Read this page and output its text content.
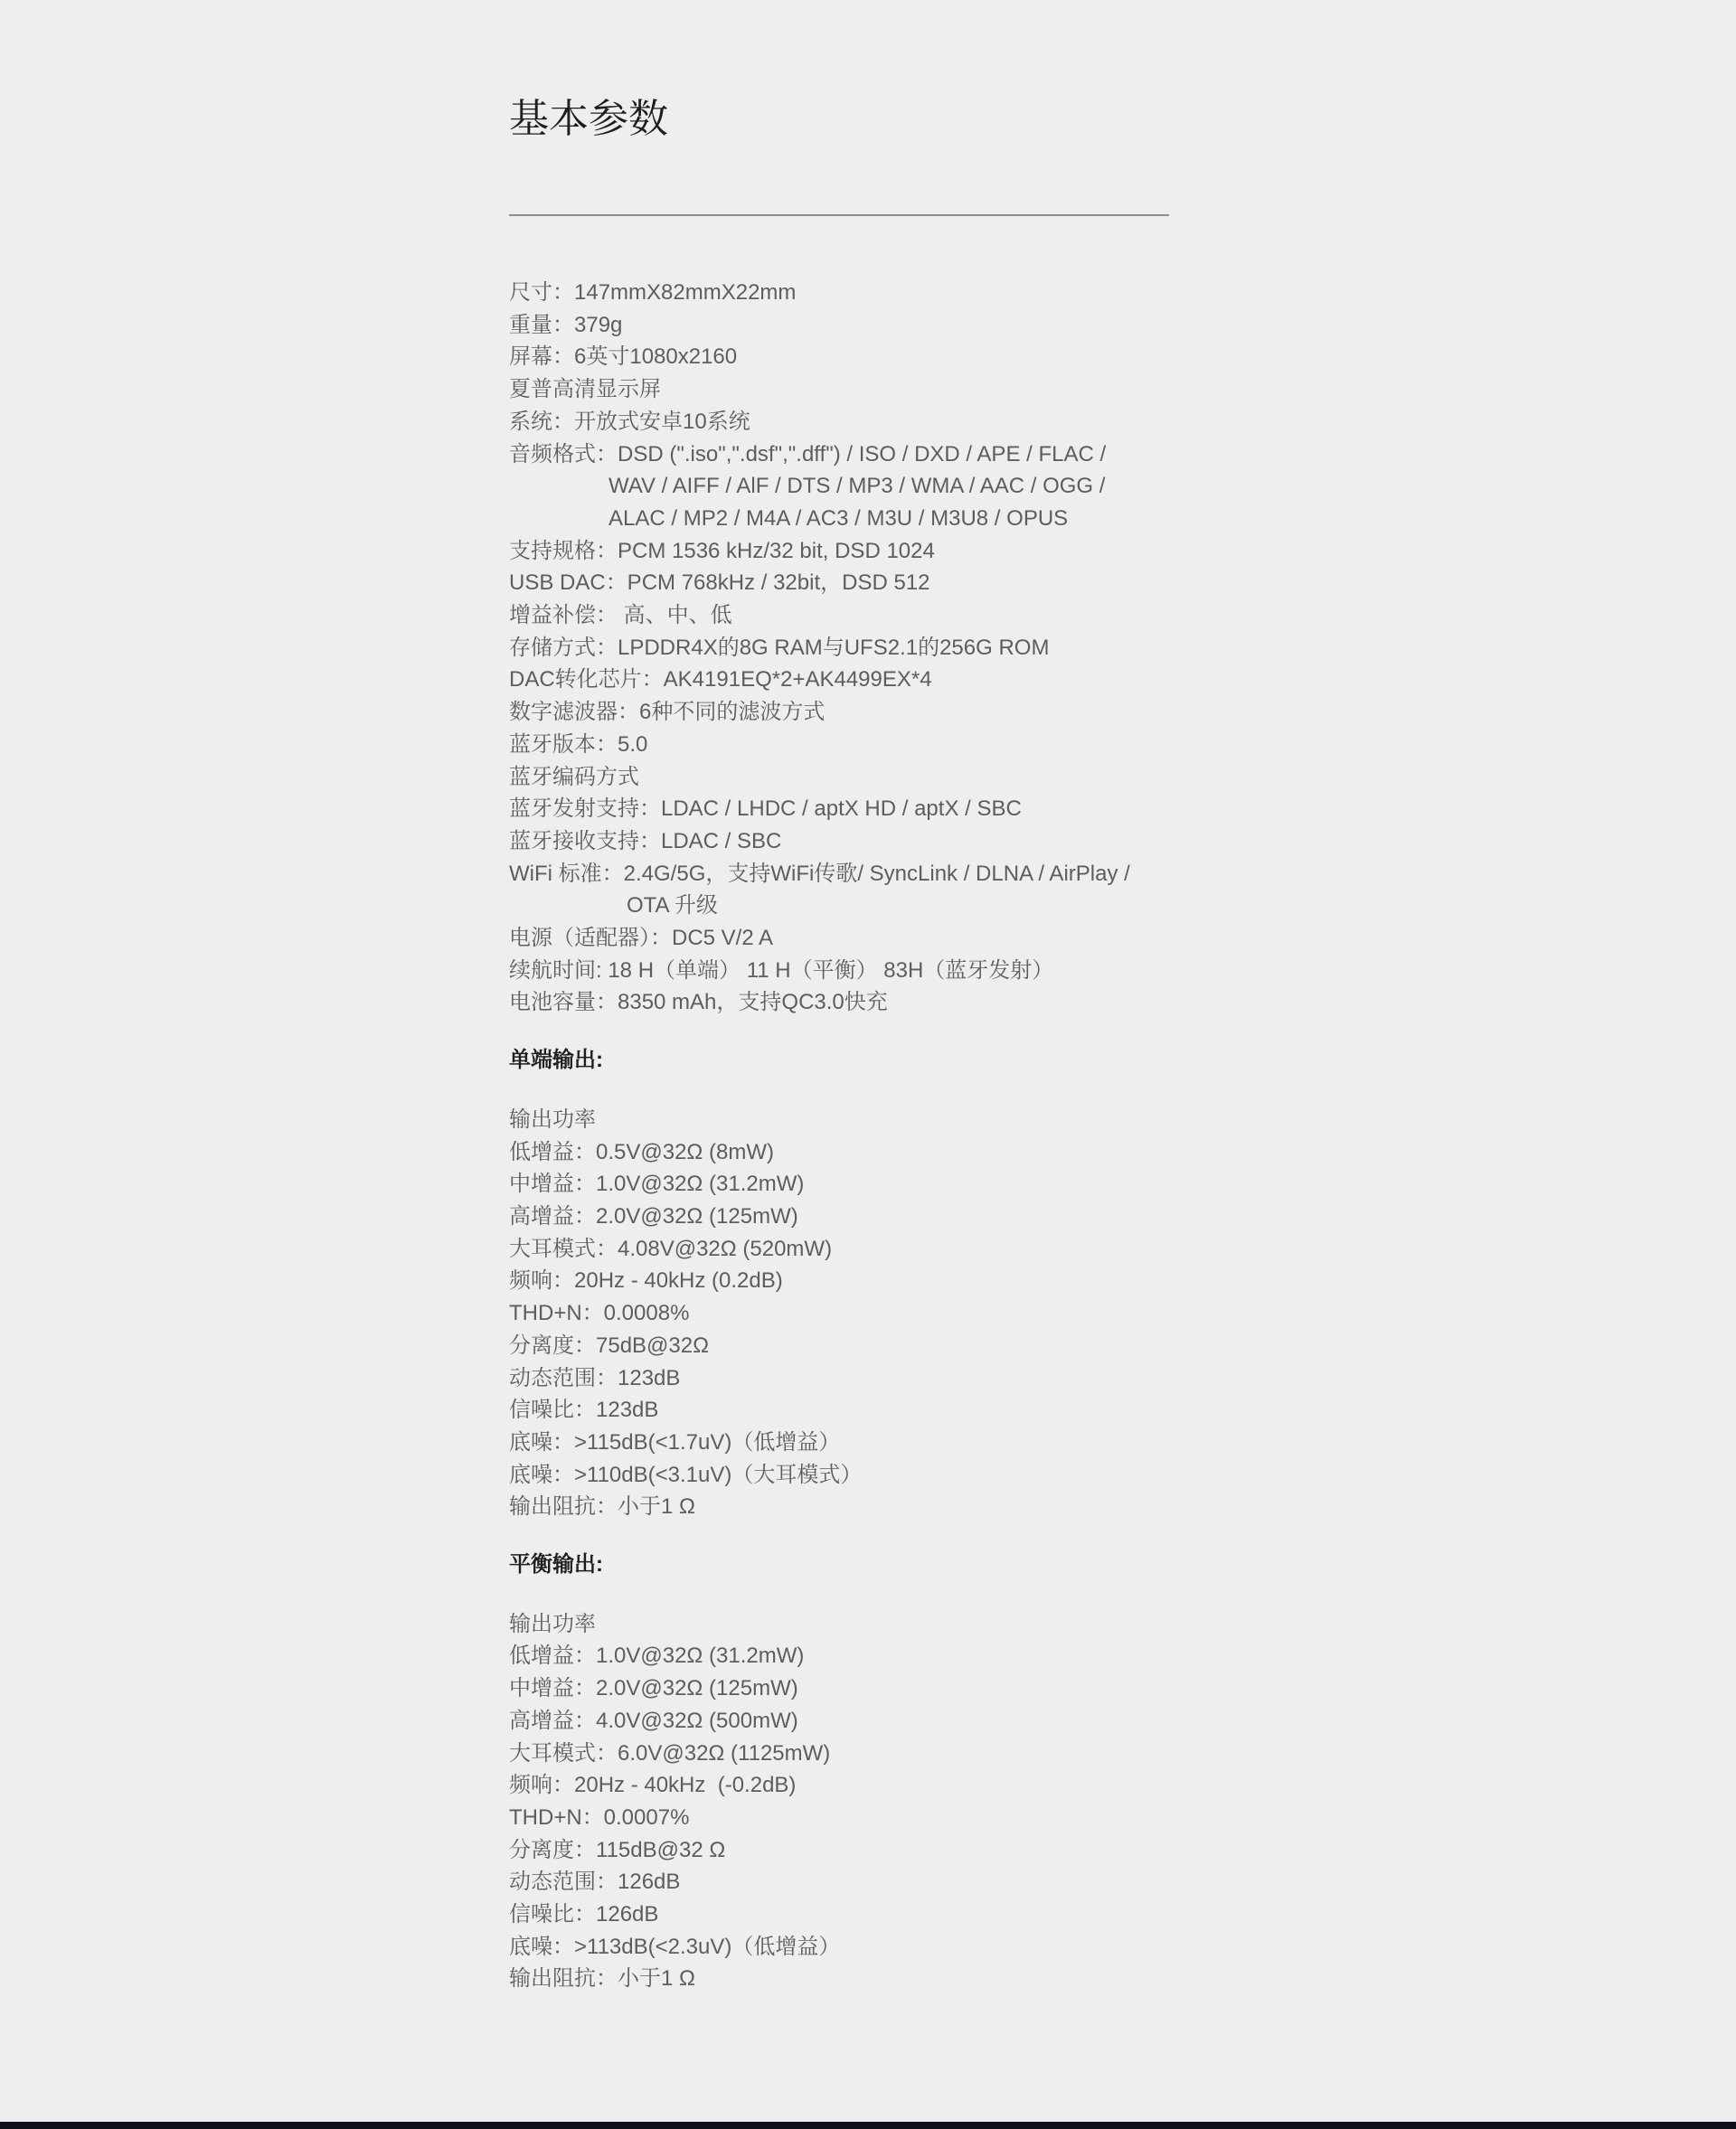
基本参数
尺寸：147mmX82mmX22mm
重量：379g
屏幕：6英寸1080x2160
夏普高清显示屏
系统：开放式安卓10系统
音频格式：DSD (".iso",".dsf",".dff") / ISO / DXD / APE / FLAC /
WAV / AIFF / AlF / DTS / MP3 / WMA / AAC / OGG /
ALAC / MP2 / M4A / AC3 / M3U / M3U8 / OPUS
支持规格：PCM 1536 kHz/32 bit, DSD 1024
USB DAC：PCM 768kHz / 32bit，DSD 512
增益补偿： 高、中、低
存储方式：LPDDR4X的8G RAM与UFS2.1的256G ROM
DAC转化芯片：AK4191EQ*2+AK4499EX*4
数字滤波器：6种不同的滤波方式
蓝牙版本：5.0
蓝牙编码方式
蓝牙发射支持：LDAC / LHDC / aptX HD / aptX / SBC
蓝牙接收支持：LDAC / SBC
WiFi 标准：2.4G/5G，支持WiFi传歌/ SyncLink / DLNA / AirPlay /
OTA 升级
电源（适配器）：DC5 V/2 A
续航时间: 18 H（单端） 11 H（平衡） 83H（蓝牙发射）
电池容量：8350 mAh，支持QC3.0快充
单端输出:
输出功率
低增益：0.5V@32Ω (8mW)
中增益：1.0V@32Ω (31.2mW)
高增益：2.0V@32Ω (125mW)
大耳模式：4.08V@32Ω (520mW)
频响：20Hz - 40kHz (0.2dB)
THD+N：0.0008%
分离度：75dB@32Ω
动态范围：123dB
信噪比：123dB
底噪：>115dB(<1.7uV)（低增益）
底噪：>110dB(<3.1uV)（大耳模式）
输出阻抗：小于1 Ω
平衡输出:
输出功率
低增益：1.0V@32Ω (31.2mW)
中增益：2.0V@32Ω (125mW)
高增益：4.0V@32Ω (500mW)
大耳模式：6.0V@32Ω (1125mW)
频响：20Hz - 40kHz  (-0.2dB)
THD+N：0.0007%
分离度：115dB@32 Ω
动态范围：126dB
信噪比：126dB
底噪：>113dB(<2.3uV)（低增益）
输出阻抗：小于1 Ω
